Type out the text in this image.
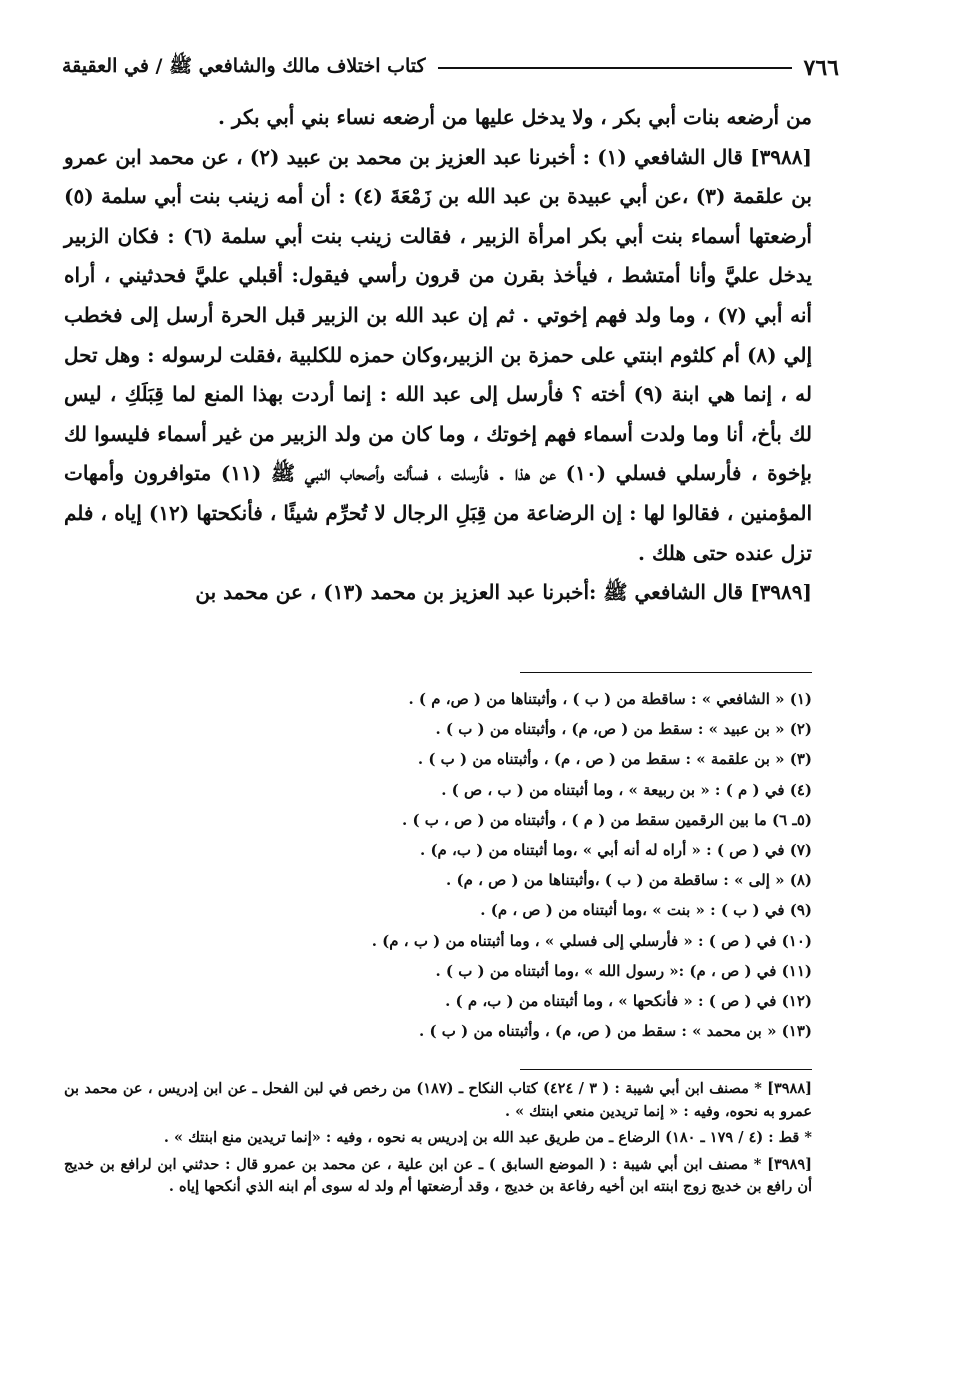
٧٦٦
كتاب اختلاف مالك والشافعي ﷺ / في العقيقة

من أرضعه بنات أبي بكر ، ولا يدخل عليها من أرضعه نساء بني أبي بكر .

[٣٩٨٨] قال الشافعي (١) : أخبرنا عبد العزيز بن محمد بن عبيد (٢) ، عن محمد ابن عمرو بن علقمة (٣) ،عن أبي عبيدة بن عبد الله بن زَمْعَةَ (٤) : أن أمه زينب بنت أبي سلمة (٥) أرضعتها أسماء بنت أبي بكر امرأة الزبير ، فقالت زينب بنت أبي سلمة (٦) : فكان الزبير يدخل عليَّ وأنا أمتشط ، فيأخذ بقرن من قرون رأسي فيقول: أقبلي عليَّ فحدثيني ، أراه أنه أبي (٧) ، وما ولد فهم إخوتي . ثم إن عبد الله بن الزبير قبل الحرة أرسل إلى فخطب إلي (٨) أم كلثوم ابنتي على حمزة بن الزبير،وكان حمزه للكلبية ،فقلت لرسوله : وهل تحل له ، إنما هي ابنة (٩) أخته ؟ فأرسل إلى عبد الله : إنما أردت بهذا المنع لما قِبَلَكِ ، ليس لك بأخ، أنا وما ولدت أسماء فهم إخوتك ، وما كان من ولد الزبير من غير أسماء فليسوا لك بإخوة ، فأرسلي فسلي (١٠) عن هذا . فأرسلت ، فسألت وأصحاب النبي ﷺ (١١) متوافرون وأمهات المؤمنين ، فقالوا لها : إن الرضاعة من قِبَلِ الرجال لا تُحرِّم شيئًا ، فأنكحتها (١٢) إياه ، فلم تزل عنده حتى هلك .

[٣٩٨٩] قال الشافعي ﷺ :أخبرنا عبد العزيز بن محمد (١٣) ، عن محمد بن

(١) « الشافعي » : ساقطة من ( ب ) ، وأثبتناها من ( ص، م ) .
(٢) « بن عبيد » : سقط من ( ص، م) ، وأثبتناه من ( ب ) .
(٣) « بن علقمة » : سقط من ( ص ، م) ، وأثبتناه من ( ب ) .
(٤) في ( م ) : « بن ربيعة » ، وما أثبتناه من ( ب ، ص ) .
(٥ـ ٦) ما بين الرقمين سقط من ( م ) ، وأثبتناه من ( ص ، ب ) .
(٧) في ( ص ) : « أراه له أنه أبي » ،وما أثبتناه من ( ب، م) .
(٨) « إلى » : ساقطة من ( ب ) ،وأثبتناها من ( ص ، م) .
(٩) في ( ب ) : « بنت » ،وما أثبتناه من ( ص ، م) .
(١٠) في ( ص ) : « فأرسلي إلى فسلي » ، وما أثبتناه من ( ب ، م) .
(١١) في ( ص ، م) :« رسول الله » ،وما أثبتناه من ( ب ) .
(١٢) في ( ص ) : « فأنكحها » ، وما أثبتناه من ( ب، م ) .
(١٣) « بن محمد » : سقط من ( ص، م) ، وأثبتناه من ( ب ) .

[٣٩٨٨] * مصنف ابن أبي شيبة : ( ٣ / ٤٢٤) كتاب النكاح ـ (١٨٧) من رخص في لبن الفحل ـ عن ابن إدريس ، عن محمد بن عمرو به نحوه، وفيه : « إنما تريدين منعي ابنتك » .

* قط : (٤ / ١٧٩ ـ ١٨٠) الرضاع ـ من طريق عبد الله بن إدريس به نحوه ، وفيه : «إنما تريدين منع ابنتك » .

[٣٩٨٩] * مصنف ابن أبي شيبة : ( الموضع السابق ) ـ عن ابن علية ، عن محمد بن عمرو قال : حدثني ابن لرافع بن خديج أن رافع بن خديج زوج ابنته ابن أخيه رفاعة بن خديج ، وقد أرضعتها أم ولد له سوى أم ابنه الذي أنكحها إياه .
